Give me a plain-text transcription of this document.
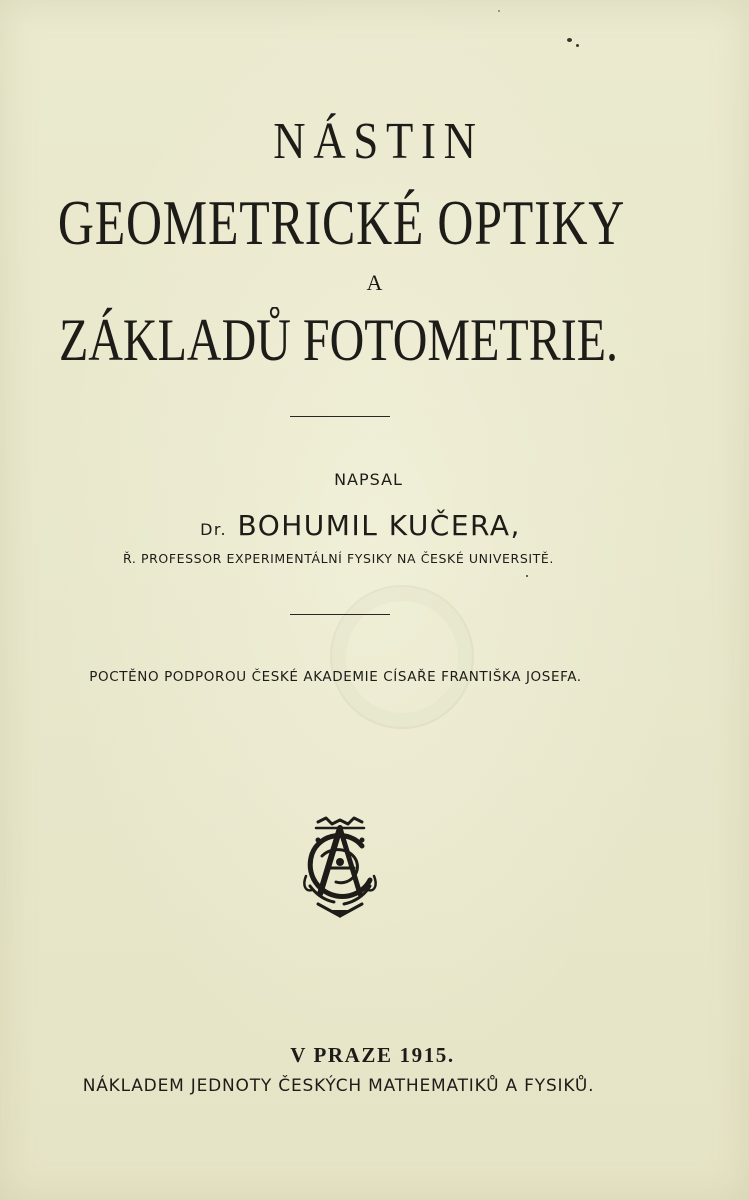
NÁSTIN
GEOMETRICKÉ OPTIKY
A
ZÁKLADŮ FOTOMETRIE.
NAPSAL
Dr. BOHUMIL KUČERA,
Ř. PROFESSOR EXPERIMENTÁLNÍ FYSIKY NA ČESKÉ UNIVERSITĚ.
POCTĚNO PODPOROU ČESKÉ AKADEMIE CÍSAŘE FRANTIŠKA JOSEFA.
V PRAZE 1915.
NÁKLADEM JEDNOTY ČESKÝCH MATHEMATIKŮ A FYSIKŮ.
